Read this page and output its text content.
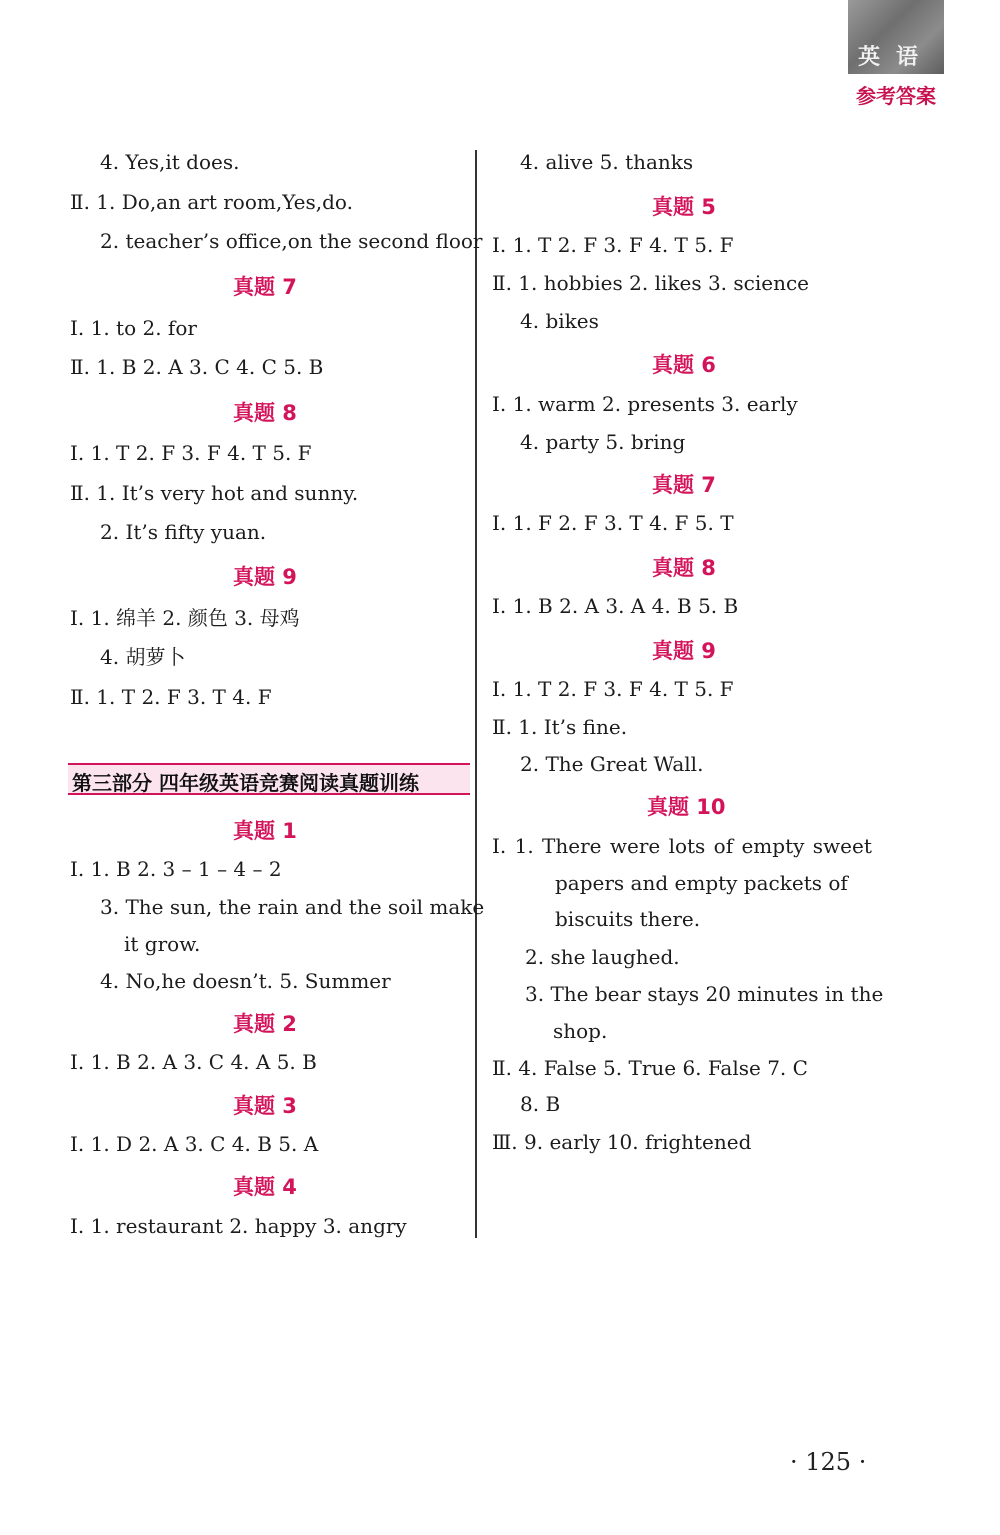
英语
参考答案
4. Yes,it does.
Ⅱ. 1. Do,an art room,Yes,do.
2. teacher’s office,on the second floor
真题 7
Ⅰ. 1. to 2. for
Ⅱ. 1. B 2. A 3. C 4. C 5. B
真题 8
Ⅰ. 1. T 2. F 3. F 4. T 5. F
Ⅱ. 1. It’s very hot and sunny.
2. It’s fifty yuan.
真题 9
Ⅰ. 1. 绵羊 2. 颜色 3. 母鸡
4. 胡萝卜
Ⅱ. 1. T 2. F 3. T 4. F
第三部分 四年级英语竞赛阅读真题训练
真题 1
Ⅰ. 1. B 2. 3 – 1 – 4 – 2
3. The sun, the rain and the soil make
it grow.
4. No,he doesn’t. 5. Summer
真题 2
Ⅰ. 1. B 2. A 3. C 4. A 5. B
真题 3
Ⅰ. 1. D 2. A 3. C 4. B 5. A
真题 4
Ⅰ. 1. restaurant 2. happy 3. angry
4. alive 5. thanks
真题 5
Ⅰ. 1. T 2. F 3. F 4. T 5. F
Ⅱ. 1. hobbies 2. likes 3. science
4. bikes
真题 6
Ⅰ. 1. warm 2. presents 3. early
4. party 5. bring
真题 7
Ⅰ. 1. F 2. F 3. T 4. F 5. T
真题 8
Ⅰ. 1. B 2. A 3. A 4. B 5. B
真题 9
Ⅰ. 1. T 2. F 3. F 4. T 5. F
Ⅱ. 1. It’s fine.
2. The Great Wall.
真题 10
Ⅰ. 1. There were lots of empty sweet
papers and empty packets of
biscuits there.
2. she laughed.
3. The bear stays 20 minutes in the
shop.
Ⅱ. 4. False 5. True 6. False 7. C
8. B
Ⅲ. 9. early 10. frightened
· 125 ·
